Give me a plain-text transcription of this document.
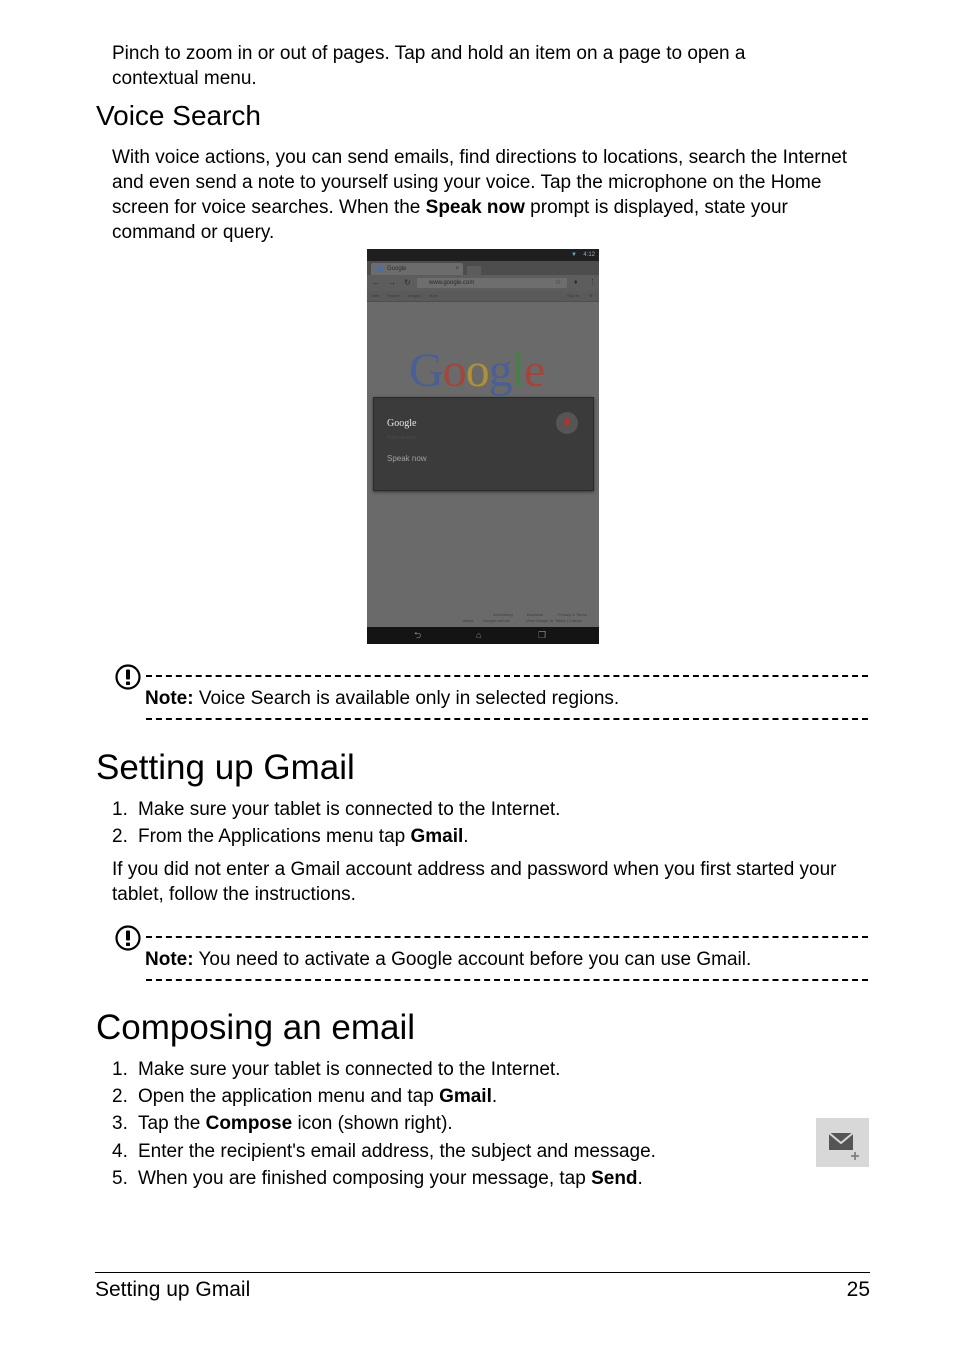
Pinch to zoom in or out of pages. Tap and hold an item on a page to open a
contextual menu.

Voice Search

With voice actions, you can send emails, find directions to locations, search the Internet and even send a note to yourself using your voice. Tap the microphone on the Home screen for voice searches. When the Speak now prompt is displayed, state your command or query.

▼ 4:12
Google	×
← → ↻	www.google.com	☆ ♦ ⋮
Web Search Images More	Sign in ⚙
Google
Google
Voice search
Speak now
Advertising	Business	Privacy & Terms
About Google.com.tw	View Google in: Tablet | Classic
⮌	⌂	❐
Note: Voice Search is available only in selected regions.
Setting up Gmail
1. Make sure your tablet is connected to the Internet.
2. From the Applications menu tap Gmail.

If you did not enter a Gmail account address and password when you first started your tablet, follow the instructions.

Note: You need to activate a Google account before you can use Gmail.
Composing an email
1. Make sure your tablet is connected to the Internet.
2. Open the application menu and tap Gmail.
3. Tap the Compose icon (shown right).
4. Enter the recipient's email address, the subject and message.
5. When you are finished composing your message, tap Send.
Setting up Gmail	25
